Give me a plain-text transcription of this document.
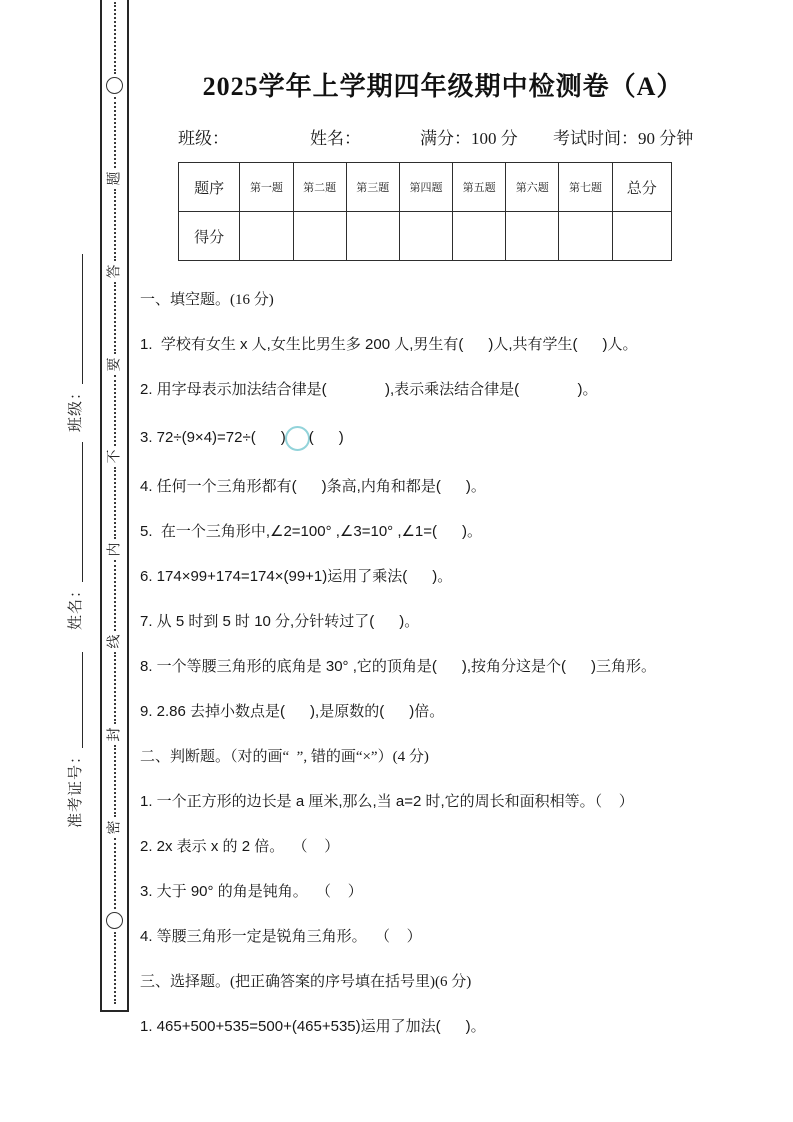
准考证号：姓名：班级：
题
答
要
不
内
线
封
密
2025学年上学期四年级期中检测卷（A）
班级：	姓名：	满分：100 分 考试时间：90 分钟
题序	第一题	第二题	第三题	第四题	第五题	第六题	第七题	总分
得分								
一、填空题。(16 分)
1.  学校有女生 x 人,女生比男生多 200 人,男生有(      )人,共有学生(      )人。
2. 用字母表示加法结合律是(              ),表示乘法结合律是(              )。
3. 72÷(9×4)=72÷(      ) (      )
4. 任何一个三角形都有(      )条高,内角和都是(      )。
5.  在一个三角形中,∠2=100° ,∠3=10° ,∠1=(      )。
6. 174×99+174=174×(99+1)运用了乘法(      )。
7. 从 5 时到 5 时 10 分,分针转过了(      )。
8. 一个等腰三角形的底角是 30° ,它的顶角是(      ),按角分这是个(      )三角形。
9. 2.86 去掉小数点是(      ),是原数的(      )倍。
二、判断题。（对的画“  ”, 错的画“×”）(4 分)
1. 一个正方形的边长是 a 厘米,那么,当 a=2 时,它的周长和面积相等。（    ）
2. 2x 表示 x 的 2 倍。  （    ）
3. 大于 90° 的角是钝角。  （    ）
4. 等腰三角形一定是锐角三角形。  （    ）
三、选择题。(把正确答案的序号填在括号里)(6 分)
1. 465+500+535=500+(465+535)运用了加法(      )。
